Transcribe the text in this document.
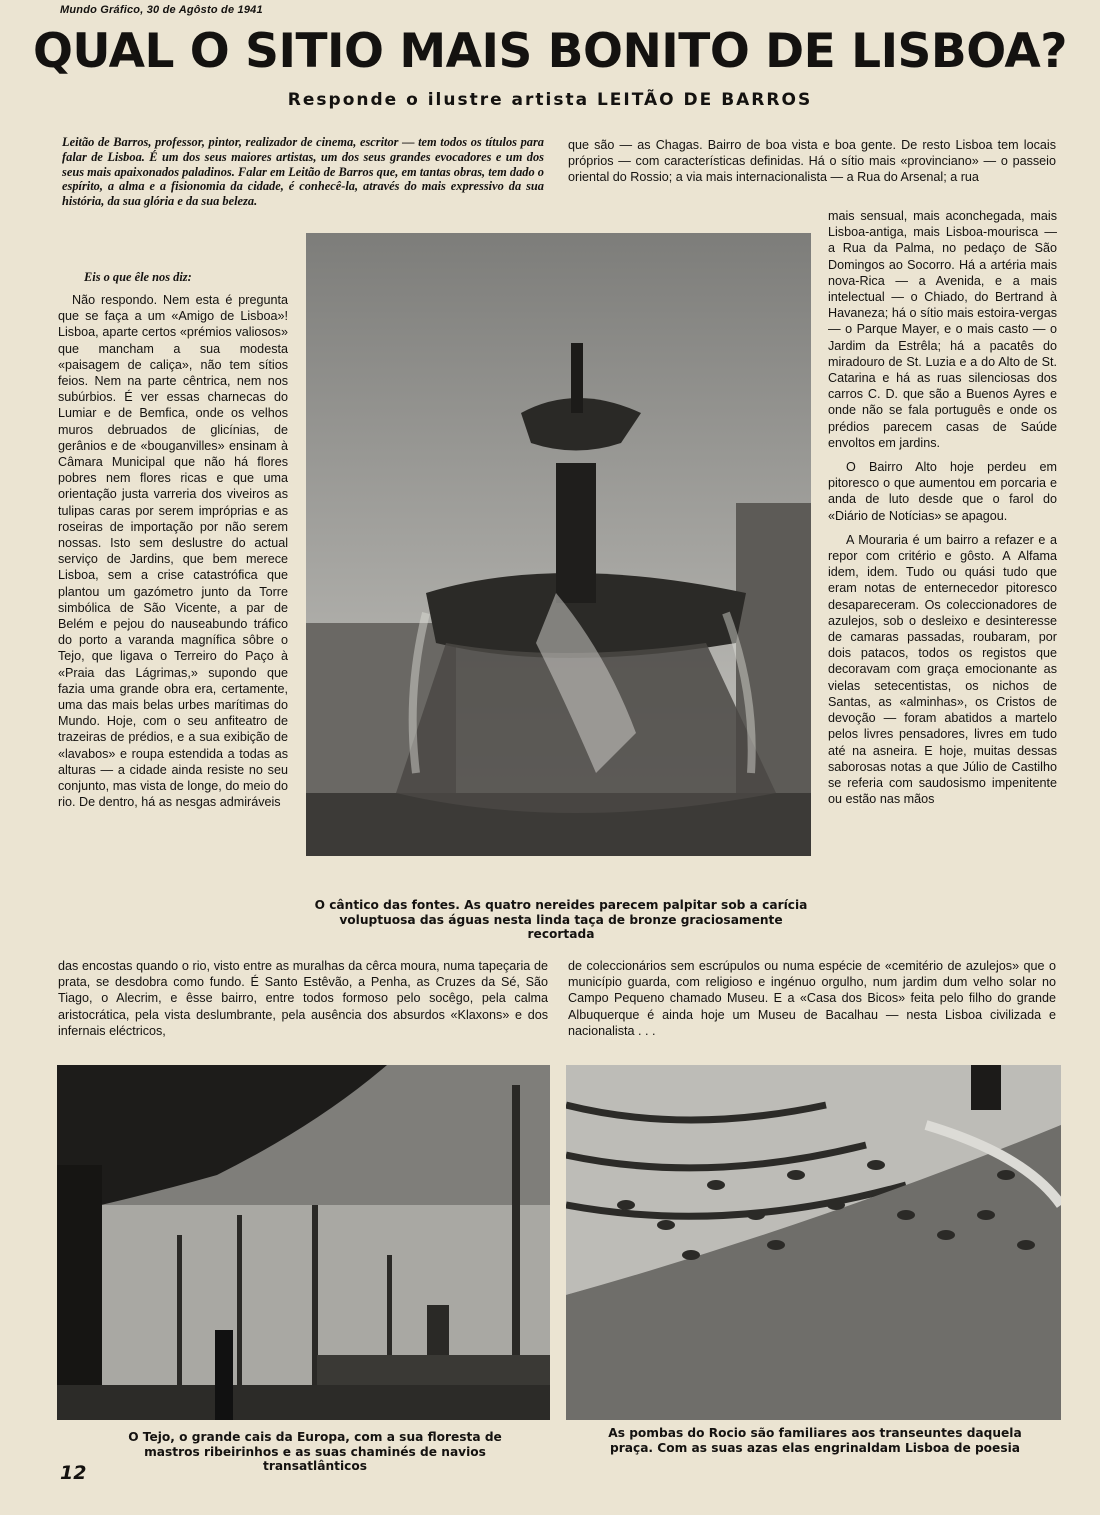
Mundo Gráfico, 30 de Agôsto de 1941
QUAL O SITIO MAIS BONITO DE LISBOA?
Responde o ilustre artista LEITÃO DE BARROS
Leitão de Barros, professor, pintor, realizador de cinema, escritor — tem todos os títulos para falar de Lisboa. É um dos seus maiores artistas, um dos seus grandes evocadores e um dos seus mais apaixonados paladinos. Falar em Leitão de Barros que, em tantas obras, tem dado o espírito, a alma e a fisionomia da cidade, é conhecê-la, através do mais expressivo da sua história, da sua glória e da sua beleza.
Eis o que êle nos diz:
Não respondo. Nem esta é pregunta que se faça a um «Amigo de Lisboa»! Lisboa, aparte certos «prémios valiosos» que mancham a sua modesta «paisagem de caliça», não tem sítios feios. Nem na parte cêntrica, nem nos subúrbios. É ver essas charnecas do Lumiar e de Bemfica, onde os velhos muros debruados de glicínias, de gerânios e de «bouganvilles» ensinam à Câmara Municipal que não há flores pobres nem flores ricas e que uma orientação justa varreria dos viveiros as tulipas caras por serem impróprias e as roseiras de importação por não serem nossas. Isto sem deslustre do actual serviço de Jardins, que bem merece Lisboa, sem a crise catastrófica que plantou um gazómetro junto da Torre simbólica de São Vicente, a par de Belém e pejou do nauseabundo tráfico do porto a varanda magnífica sôbre o Tejo, que ligava o Terreiro do Paço à «Praia das Lágrimas,» supondo que fazia uma grande obra era, certamente, uma das mais belas urbes marítimas do Mundo. Hoje, com o seu anfiteatro de trazeiras de prédios, e a sua exibição de «lavabos» e roupa estendida a todas as alturas — a cidade ainda resiste no seu conjunto, mas vista de longe, do meio do rio. De dentro, há as nesgas admiráveis
que são — as Chagas. Bairro de boa vista e boa gente. De resto Lisboa tem locais próprios — com características definidas. Há o sítio mais «provinciano» — o passeio oriental do Rossio; a via mais internacionalista — a Rua do Arsenal; a rua

mais sensual, mais aconchegada, mais Lisboa-antiga, mais Lisboa-mourisca — a Rua da Palma, no pedaço de São Domingos ao Socorro. Há a artéria mais nova-Rica — a Avenida, e a mais intelectual — o Chiado, do Bertrand à Havaneza; há o sítio mais estoira-vergas — o Parque Mayer, e o mais casto — o Jardim da Estrêla; há a pacatês do miradouro de St. Luzia e a do Alto de St. Catarina e há as ruas silenciosas dos carros C. D. que são a Buenos Ayres e onde não se fala português e onde os prédios parecem casas de Saúde envoltos em jardins.

O Bairro Alto hoje perdeu em pitoresco o que aumentou em porcaria e anda de luto desde que o farol do «Diário de Notícias» se apagou.

A Mouraria é um bairro a refazer e a repor com critério e gôsto. A Alfama idem, idem. Tudo ou quási tudo que eram notas de enternecedor pitoresco desapareceram. Os coleccionadores de azulejos, sob o desleixo e desinteresse de camaras passadas, roubaram, por dois patacos, todos os registos que decoravam com graça emocionante as vielas setecentistas, os nichos de Santas, as «alminhas», os Cristos de devoção — foram abatidos a martelo pelos livres pensadores, livres em tudo até na asneira. E hoje, muitas dessas saborosas notas a que Júlio de Castilho se referia com saudosismo impenitente ou estão nas mãos

O cântico das fontes. As quatro nereides parecem palpitar sob a carícia voluptuosa das águas nesta linda taça de bronze graciosamente recortada
das encostas quando o rio, visto entre as muralhas da cêrca moura, numa tapeçaria de prata, se desdobra como fundo. É Santo Estêvão, a Penha, as Cruzes da Sé, São Tiago, o Alecrim, e êsse bairro, entre todos formoso pelo socêgo, pela calma aristocrática, pela vista deslumbrante, pela ausência dos absurdos «Klaxons» e dos infernais eléctricos,
de coleccionários sem escrúpulos ou numa espécie de «cemitério de azulejos» que o município guarda, com religioso e ingénuo orgulho, num jardim dum velho solar no Campo Pequeno chamado Museu. E a «Casa dos Bicos» feita pelo filho do grande Albuquerque é ainda hoje um Museu de Bacalhau — nesta Lisboa civilizada e nacionalista . . .
O Tejo, o grande cais da Europa, com a sua floresta de mastros ribeirinhos e as suas chaminés de navios transatlânticos
As pombas do Rocio são familiares aos transeuntes daquela praça. Com as suas azas elas engrinaldam Lisboa de poesia
12
